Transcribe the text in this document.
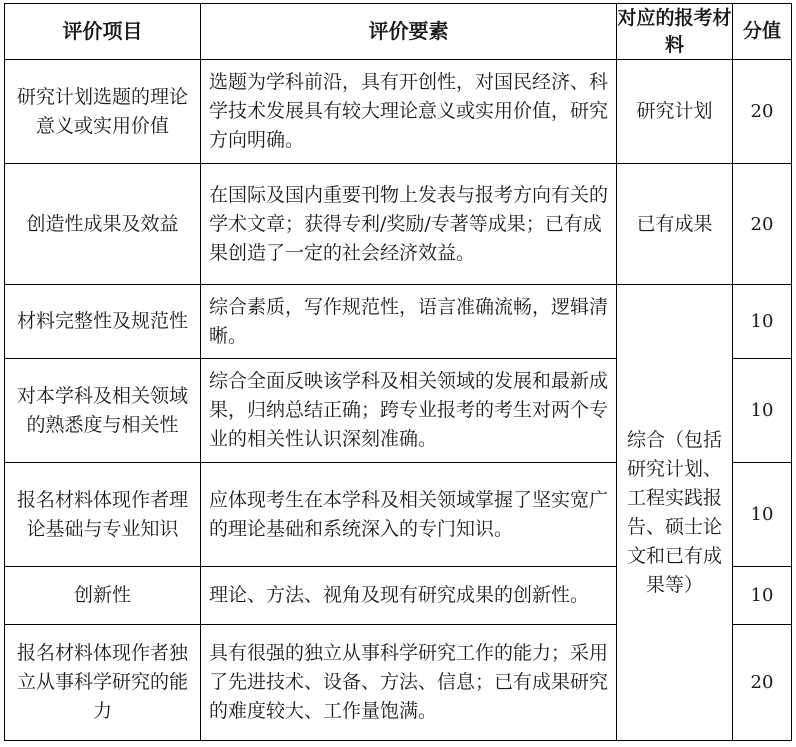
评价项目	评价要素	对应的报考材料	分值
研究计划选题的理论意义或实用价值	选题为学科前沿，具有开创性，对国民经济、科学技术发展具有较大理论意义或实用价值，研究方向明确。	研究计划	20
创造性成果及效益	在国际及国内重要刊物上发表与报考方向有关的学术文章；获得专利/奖励/专著等成果；已有成果创造了一定的社会经济效益。	已有成果	20
材料完整性及规范性	综合素质，写作规范性，语言准确流畅，逻辑清晰。	综合（包括研究计划、工程实践报告、硕士论文和已有成果等）	10
对本学科及相关领域的熟悉度与相关性	综合全面反映该学科及相关领域的发展和最新成果，归纳总结正确；跨专业报考的考生对两个专业的相关性认识深刻准确。		10
报名材料体现作者理论基础与专业知识	应体现考生在本学科及相关领域掌握了坚实宽广的理论基础和系统深入的专门知识。		10
创新性	理论、方法、视角及现有研究成果的创新性。		10
报名材料体现作者独立从事科学研究的能力	具有很强的独立从事科学研究工作的能力；采用了先进技术、设备、方法、信息；已有成果研究的难度较大、工作量饱满。		20
